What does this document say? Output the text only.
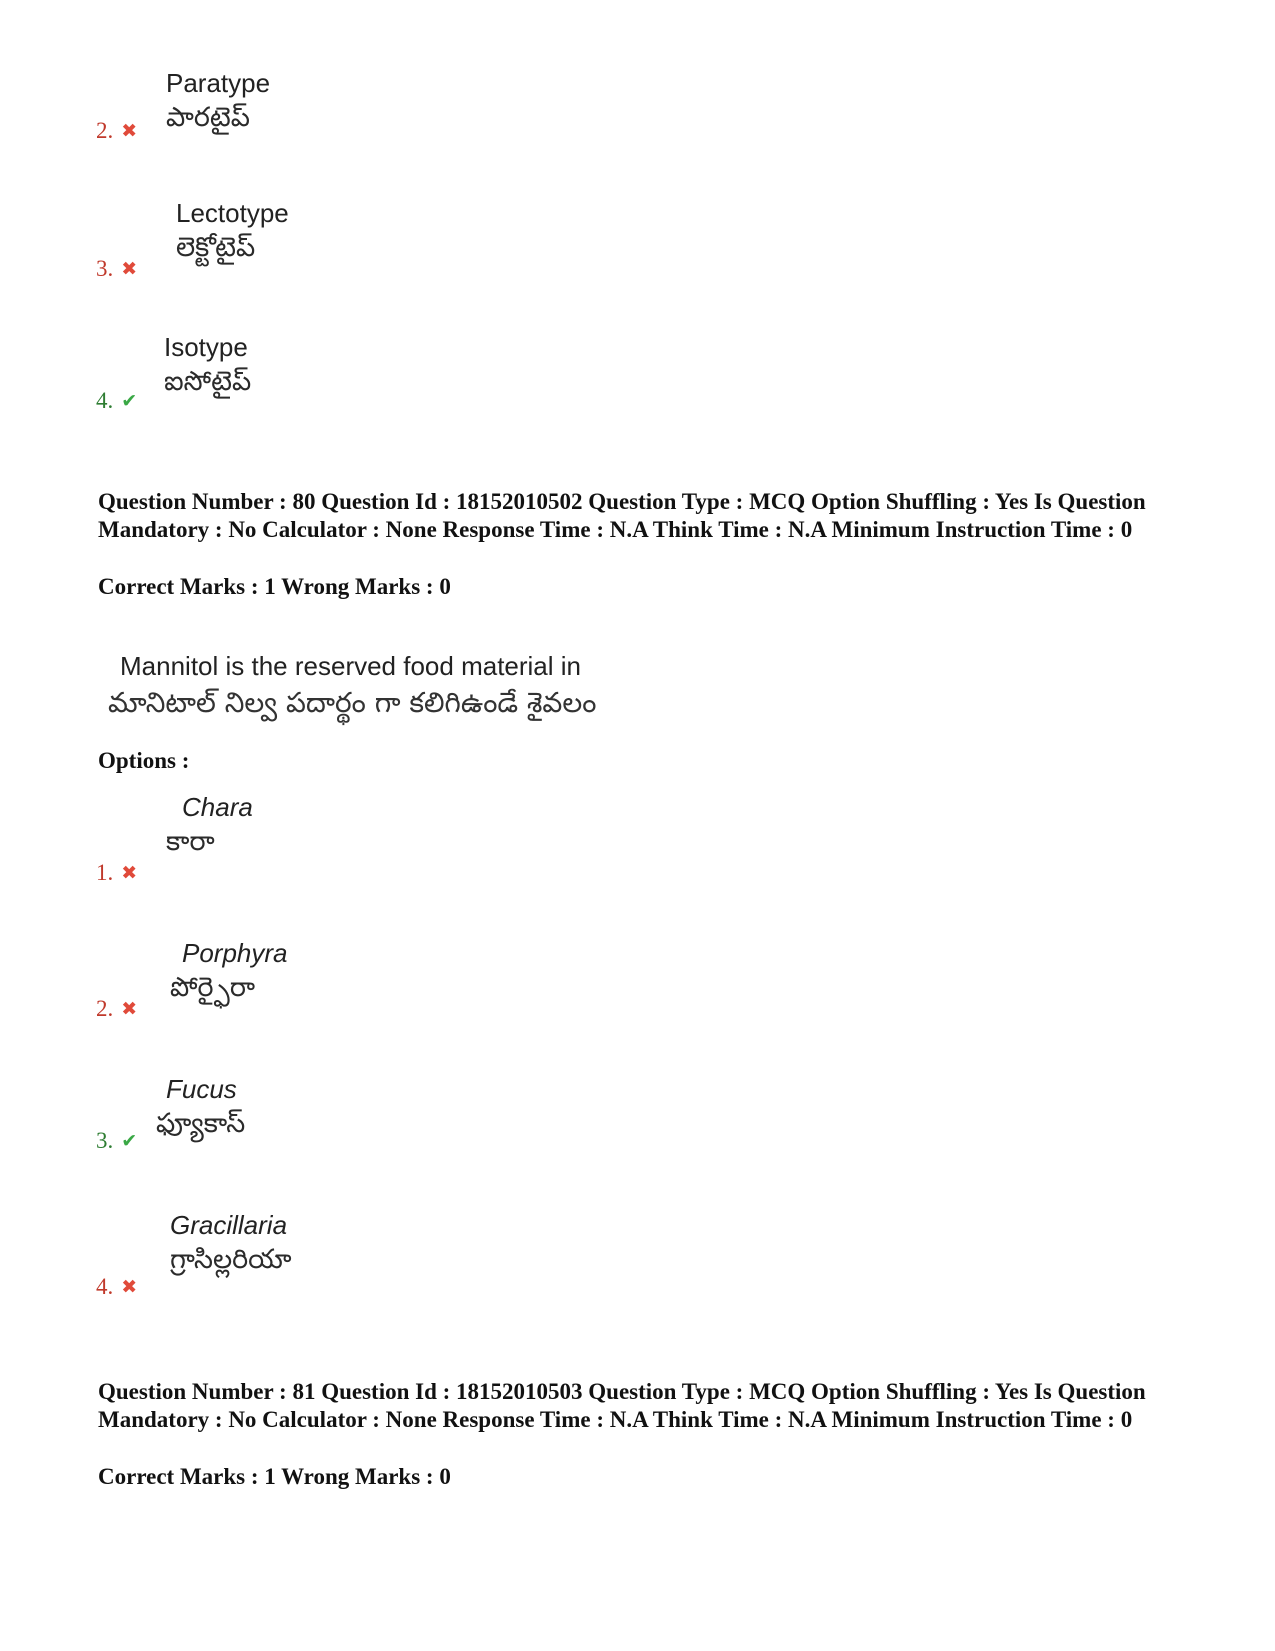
Paratype
పారటైప్
2. ✖
Lectotype
లెక్టోటైప్
3. ✖
Isotype
ఐసోటైప్
4. ✔
Question Number : 80 Question Id : 18152010502 Question Type : MCQ Option Shuffling : Yes Is Question Mandatory : No Calculator : None Response Time : N.A Think Time : N.A Minimum Instruction Time : 0
Correct Marks : 1 Wrong Marks : 0
Mannitol is the reserved food material in
మానిటాల్ నిల్వ పదార్థం గా కలిగిఉండే శైవలం
Options :
Chara
కారా
1. ✖
Porphyra
పోర్ఫైరా
2. ✖
Fucus
ఫ్యూకాస్
3. ✔
Gracillaria
గ్రాసిల్లరియా
4. ✖
Question Number : 81 Question Id : 18152010503 Question Type : MCQ Option Shuffling : Yes Is Question Mandatory : No Calculator : None Response Time : N.A Think Time : N.A Minimum Instruction Time : 0
Correct Marks : 1 Wrong Marks : 0
